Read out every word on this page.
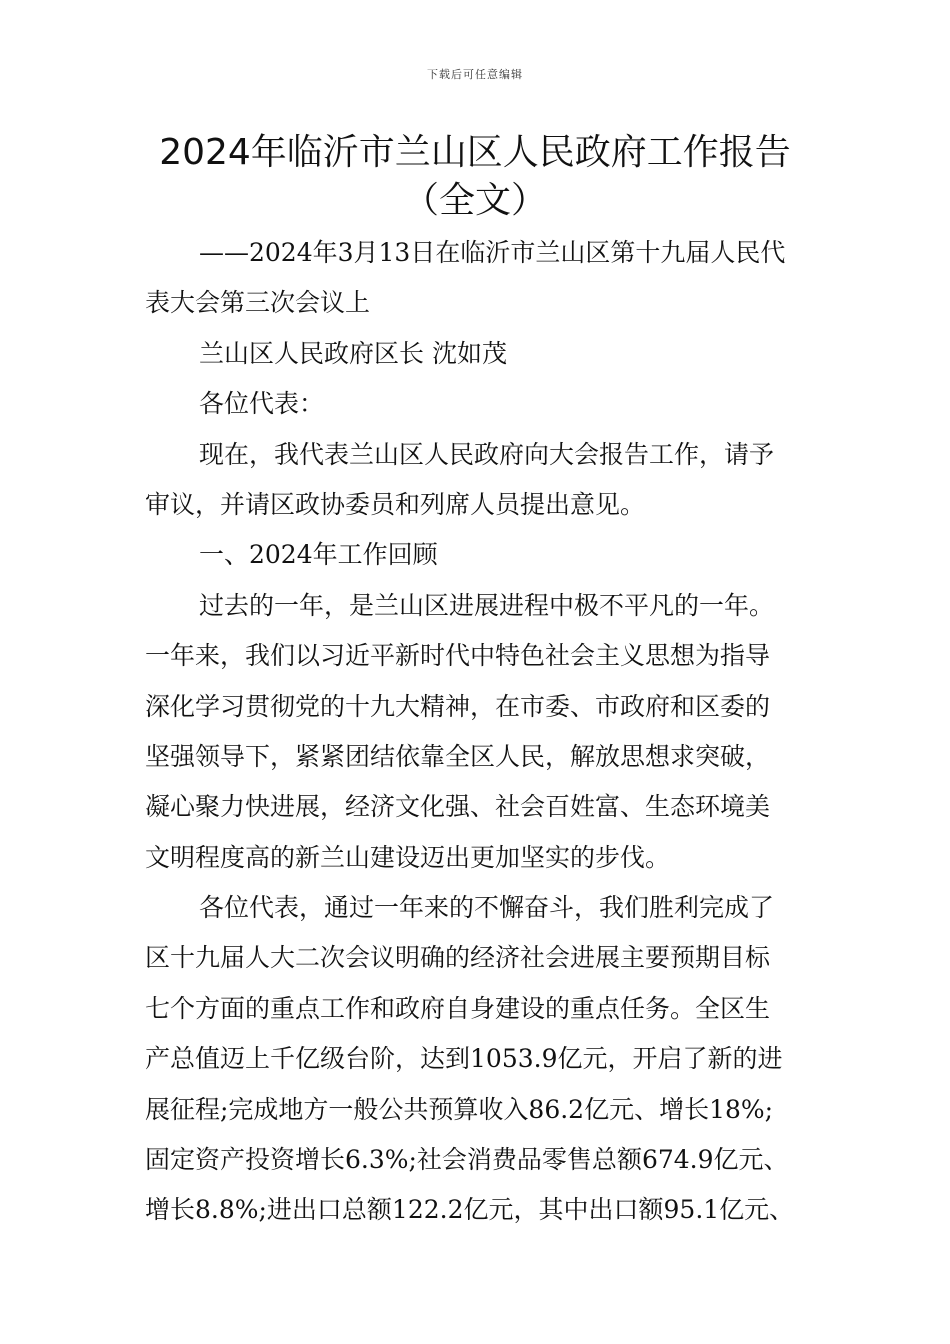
下载后可任意编辑
2024年临沂市兰山区人民政府工作报告
（全文）
——2024年3月13日在临沂市兰山区第十九届人民代
表大会第三次会议上
兰山区人民政府区长 沈如茂
各位代表：
现在，我代表兰山区人民政府向大会报告工作，请予
审议，并请区政协委员和列席人员提出意见。
一、2024年工作回顾
过去的一年，是兰山区进展进程中极不平凡的一年。
一年来，我们以习近平新时代中特色社会主义思想为指导
深化学习贯彻党的十九大精神，在市委、市政府和区委的
坚强领导下，紧紧团结依靠全区人民，解放思想求突破，
凝心聚力快进展，经济文化强、社会百姓富、生态环境美
文明程度高的新兰山建设迈出更加坚实的步伐。
各位代表，通过一年来的不懈奋斗，我们胜利完成了
区十九届人大二次会议明确的经济社会进展主要预期目标
七个方面的重点工作和政府自身建设的重点任务。全区生
产总值迈上千亿级台阶，达到1053.9亿元，开启了新的进
展征程;完成地方一般公共预算收入86.2亿元、增长18%;
固定资产投资增长6.3%;社会消费品零售总额674.9亿元、
增长8.8%;进出口总额122.2亿元，其中出口额95.1亿元、
